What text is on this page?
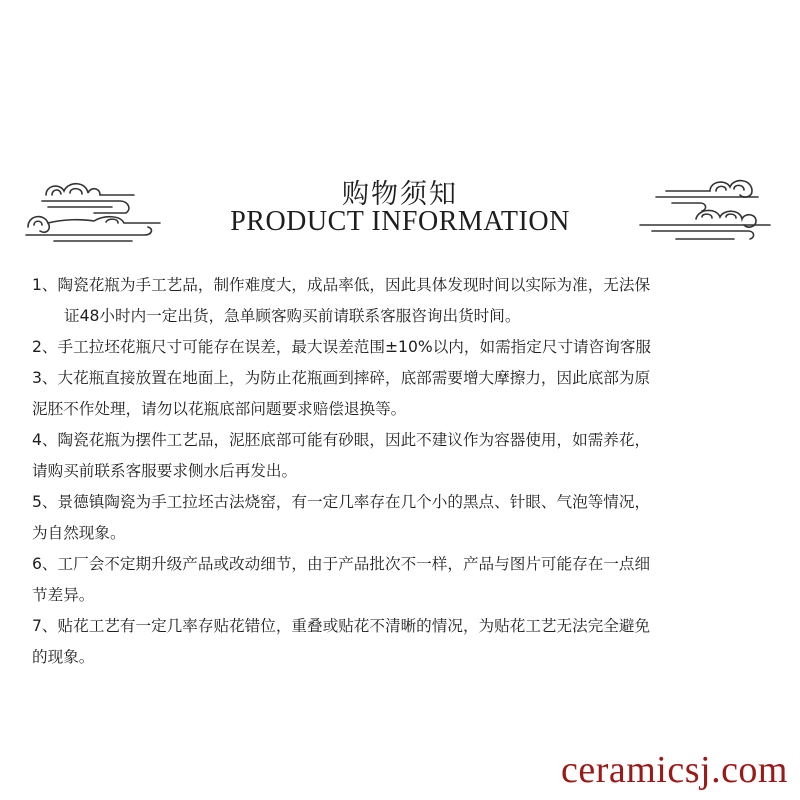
购物须知
PRODUCT INFORMATION
1、陶瓷花瓶为手工艺品，制作难度大，成品率低，因此具体发现时间以实际为准，无法保
证48小时内一定出货，急单顾客购买前请联系客服咨询出货时间。
2、手工拉坯花瓶尺寸可能存在误差，最大误差范围±10%以内，如需指定尺寸请咨询客服
3、大花瓶直接放置在地面上，为防止花瓶画到摔碎，底部需要增大摩擦力，因此底部为原
泥胚不作处理，请勿以花瓶底部问题要求赔偿退换等。
4、陶瓷花瓶为摆件工艺品，泥胚底部可能有砂眼，因此不建议作为容器使用，如需养花，
请购买前联系客服要求侧水后再发出。
5、景德镇陶瓷为手工拉坯古法烧窑，有一定几率存在几个小的黑点、针眼、气泡等情况，
为自然现象。
6、工厂会不定期升级产品或改动细节，由于产品批次不一样，产品与图片可能存在一点细
节差异。
7、贴花工艺有一定几率存贴花错位，重叠或贴花不清晰的情况，为贴花工艺无法完全避免
的现象。
ceramicsj.com
